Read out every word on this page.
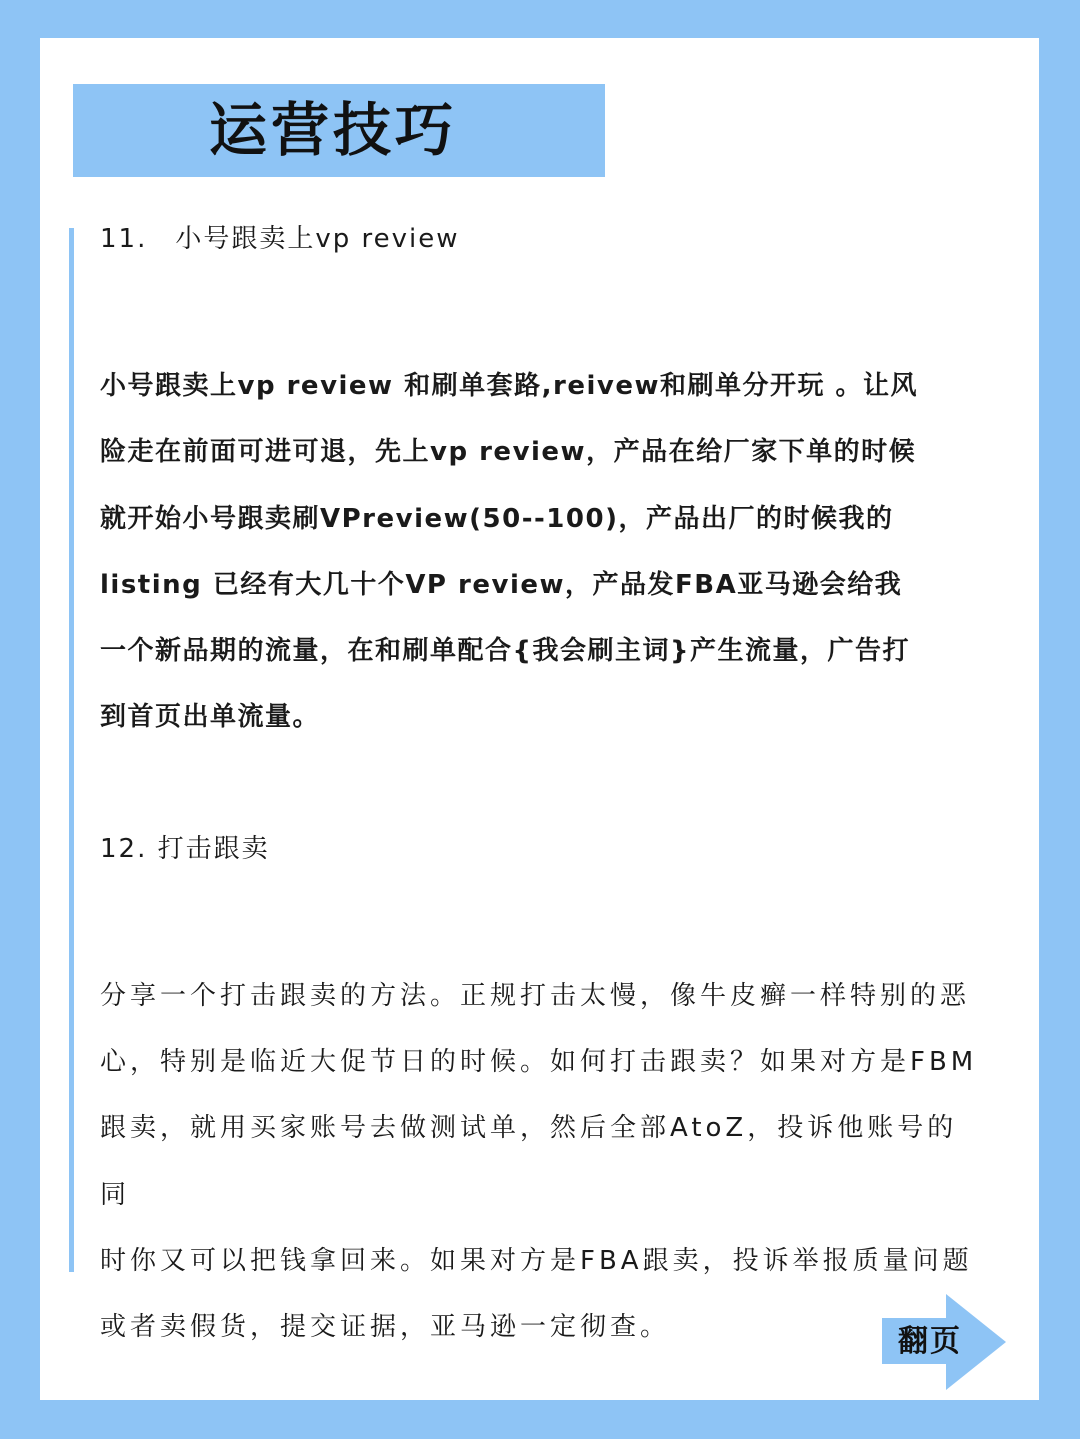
运营技巧

11.　小号跟卖上vp review

小号跟卖上vp review 和刷单套路,reivew和刷单分开玩 。让风
险走在前面可进可退，先上vp review，产品在给厂家下单的时候
就开始小号跟卖刷VPreview(50--100)，产品出厂的时候我的
listing 已经有大几十个VP review，产品发FBA亚马逊会给我
一个新品期的流量，在和刷单配合{我会刷主词}产生流量，广告打
到首页出单流量。

12. 打击跟卖

分享一个打击跟卖的方法。正规打击太慢，像牛皮癣一样特别的恶
心，特别是临近大促节日的时候。如何打击跟卖？如果对方是FBM
跟卖，就用买家账号去做测试单，然后全部AtoZ，投诉他账号的同
时你又可以把钱拿回来。如果对方是FBA跟卖，投诉举报质量问题
或者卖假货，提交证据，亚马逊一定彻查。	翻页
